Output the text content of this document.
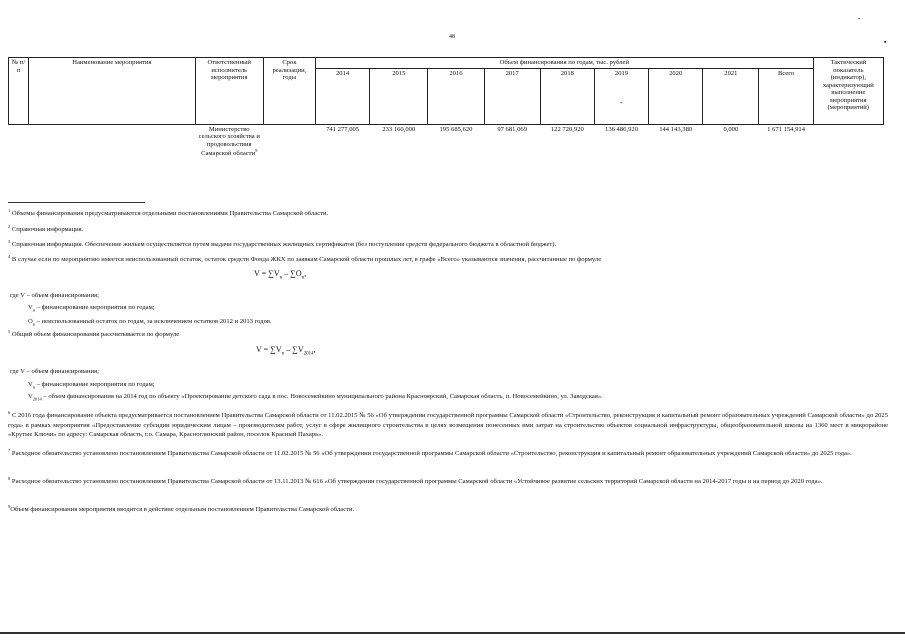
48
-
▪
-
№ п/п	Наименование мероприятия	Ответственный исполнитель мероприятия	Срок реализации, годы	Объем финансирования по годам, тыс. рублей									Тактический показатель (индикатор), характеризующий выполнение мероприятия (мероприятий)
				2014	2015	2016	2017	2018	2019	2020	2021	Всего	
		Министерство сельского хозяйства и продовольствия Самарской области$^9$		741 277,005	233 160,000	195 685,620	97 681,069	122 720,920	136 486,920	144 143,380	0,000	1 671 154,914	
$^1$ Объемы финансирования предусматриваются отдельными постановлениями Правительства Самарской области.
$^2$ Справочная информация.
$^3$ Справочная информация. Обеспечение жильем осуществляется путем выдачи государственных жилищных сертификатов (без поступления средств федерального бюджета в областной бюджет).
$^4$ В случае если по мероприятию имеется неиспользованный остаток, остаток средств Фонда ЖКХ по заявкам Самарской области прошлых лет, в графе «Всего» указываются значения, рассчитанные по формуле
$V = \sum V_n - \sum O_n$,
где V – объем финансирования;
$V_n$ – финансирование мероприятия по годам;
$O_n$ – неиспользованный остаток по годам, за исключением остатков 2012 и 2013 годов.
$^5$ Общий объем финансирования рассчитывается по формуле
$V = \sum V_n - \sum V_{2014}$,
где V – объем финансирования;
$V_n$ – финансирование мероприятия по годам;
$V_{2014}$ – объем финансирования на 2014 год по объекту «Проектирование детского сада в пос. Новосемейкино муниципального района Красноярский, Самарская область, п. Новосемейкино, ул. Заводская».
$^6$ С 2016 года финансирование объекта предусматривается постановлением Правительства Самарской области от 11.02.2015 № 56 «Об утверждении государственной программы Самарской области «Строительство, реконструкция и капитальный ремонт образовательных учреждений Самарской области» до 2025 года» в рамках мероприятия «Предоставление субсидии юридическим лицам – производителям работ, услуг в сфере жилищного строительства в целях возмещения понесенных ими затрат на строительство объектов социальной инфраструктуры, общеобразовательной школы на 1360 мест в микрорайоне «Крутые Ключи» по адресу: Самарская область, г.о. Самара, Красноглинский район, поселок Красный Пахарь».
$^7$ Расходное обязательство установлено постановлением Правительства Самарской области от 11.02.2015 № 56 «Об утверждении государственной программы Самарской области «Строительство, реконструкция и капитальный ремонт образовательных учреждений Самарской области» до 2025 года».
$^8$ Расходное обязательство установлено постановлением Правительства Самарской области от 13.11.2013 № 616 «Об утверждении государственной программы Самарской области «Устойчивое развитие сельских территорий Самарской области на 2014-2017 годы и на период до 2020 года».
$^9$Объем финансирования мероприятия вводится в действие отдельным постановлением Правительства Самарской области.
